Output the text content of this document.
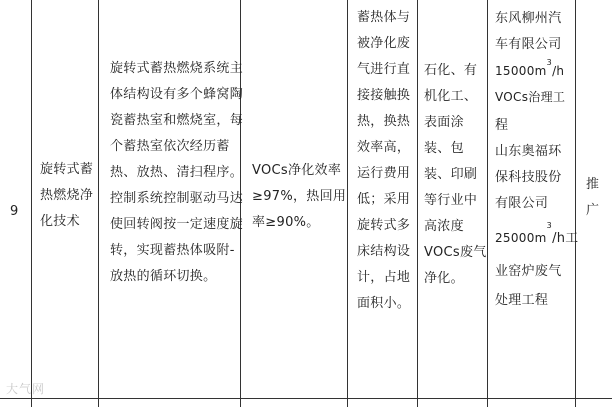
9
旋转式蓄
热燃烧净
化技术
旋转式蓄热燃烧系统主
体结构设有多个蜂窝陶
瓷蓄热室和燃烧室，每
个蓄热室依次经历蓄
热、放热、清扫程序。
控制系统控制驱动马达
使回转阀按一定速度旋
转，实现蓄热体吸附-
放热的循环切换。
VOCs净化效率
≥97%，热回用
率≥90%。
蓄热体与
被净化废
气进行直
接接触换
热，换热
效率高，
运行费用
低；采用
旋转式多
床结构设
计，占地
面积小。
石化、有
机化工、
表面涂
装、包
装、印刷
等行业中
高浓度
VOCs废气
净化。
东风柳州汽
车有限公司
$15000m^3/h$
VOCs治理工
程
山东奥福环
保科技股份
有限公司
$25000m^3/h$工
业窑炉废气
处理工程
推
广
大气网
